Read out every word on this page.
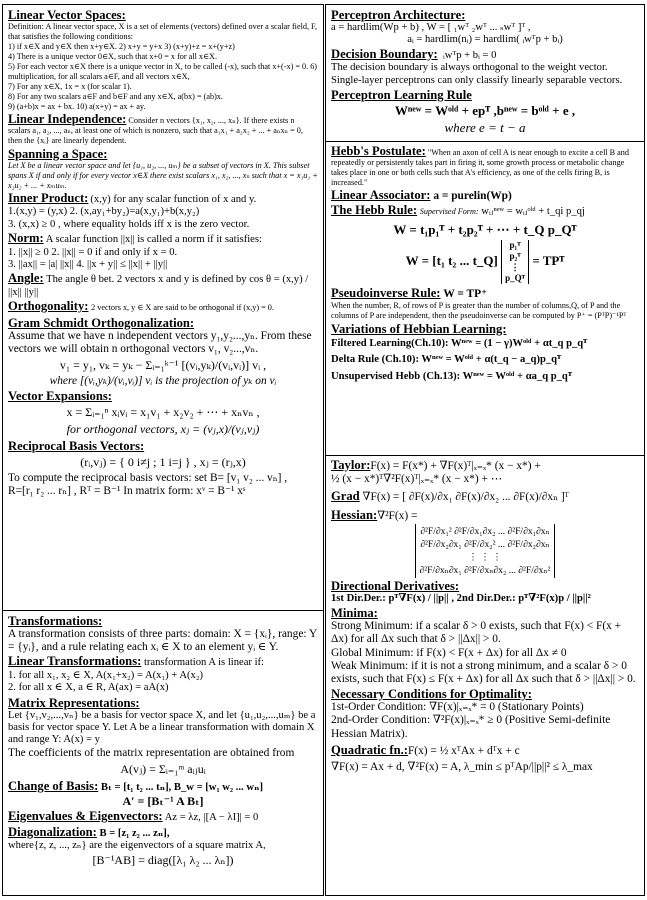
Linear Vector Spaces:
Definition: A linear vector space, X is a set of elements (vectors) defined over a scalar field, F, that satisfies the following conditions:
1) if x∈X and y∈X then x+y∈X. 2) x+y = y+x 3) (x+y)+z = x+(y+z)
4) There is a unique vector 0∈X, such that x+0 = x for all x∈X.
5) For each vector x∈X there is a unique vector in X, to be called (-x), such that x+(-x) = 0. 6) multiplication, for all scalars a∈F, and all vectors x∈X,
7) For any x∈X, 1x = x (for scalar 1).
8) For any two scalars a∈F and b∈F and any x∈X, a(bx) = (ab)x.
9) (a+b)x = ax + bx. 10) a(x+y) = ax + ay.
Linear Independence: Consider n vectors {x₁, x₂, ..., xₙ}. If there exists n scalars a₁, a₂, ..., aₙ, at least one of which is nonzero, such that a₁x₁ + a₂x₂ + ... + aₙxₙ = 0, then the {xᵢ} are linearly dependent.
Spanning a Space:
Let X be a linear vector space and let {u₁, u₂, ..., uₘ} be a subset of vectors in X. This subset spans X if and only if for every vector x∈X there exist scalars x₁, x₂, ..., xₙ such that x = x₁u₁ + x₂u₂ + ... + xₘuₘ.
Inner Product: (x,y) for any scalar function of x and y.
1.(x,y) = (y,x) 2. (x,ay₁+by₂)=a(x,y₁)+b(x,y₂)
3. (x,x) ≥ 0 , where equality holds iff x is the zero vector.
Norm: A scalar function ||x|| is called a norm if it satisfies:
1. ||x|| ≥ 0 2. ||x|| = 0 if and only if x = 0.
3. ||ax|| = |a| ||x|| 4. ||x + y|| ≤ ||x|| + ||y||
Angle: The angle θ bet. 2 vectors x and y is defined by cos θ = (x,y) / ||x|| ||y||
Orthogonality: 2 vectors x, y ∈ X are said to be orthogonal if (x,y) = 0.
Gram Schmidt Orthogonalization:
Assume that we have n independent vectors y₁,y₂...,yₙ. From these vectors we will obtain n orthogonal vectors v₁, v₂...,vₙ.
v₁ = y₁, vₖ = yₖ − Σᵢ₌₁ᵏ⁻¹ [(vᵢ,yₖ)/(vᵢ,vᵢ)] vᵢ ,
where [(vᵢ,yₖ)/(vᵢ,vᵢ)] vᵢ is the projection of yₖ on vᵢ
Vector Expansions:
x = Σᵢ₌₁ⁿ xᵢvᵢ = x₁v₁ + x₂v₂ + ⋯ + xₙvₙ ,
for orthogonal vectors, xⱼ = (vⱼ,x)/(vⱼ,vⱼ)
Reciprocal Basis Vectors:
(rᵢ,vⱼ) = { 0 i≠j ; 1 i=j } , xⱼ = (rⱼ,x)
To compute the reciprocal basis vectors: set B= [v₁ v₂ ... vₙ] ,
R=[r₁ r₂ ... rₙ] , Rᵀ = B⁻¹ In matrix form: xᵛ = B⁻¹ xˢ
Transformations:
A transformation consists of three parts: domain: X = {xᵢ}, range: Y = {yᵢ}, and a rule relating each xᵢ ∈ X to an element yᵢ ∈ Y.
Linear Transformations: transformation A is linear if:
1. for all x₁, x₂ ∈ X, A(x₁+x₂) = A(x₁) + A(x₂)
2. for all x ∈ X, a ∈ R, A(ax) = aA(x)
Matrix Representations:
Let {v₁,v₂,...,vₙ} be a basis for vector space X, and let {u₁,u₂,...,uₘ} be a basis for vector space Y. Let A be a linear transformation with domain X and range Y: A(x) = y
The coefficients of the matrix representation are obtained from
A(vⱼ) = Σᵢ₌₁ᵐ aᵢⱼuᵢ
Change of Basis: Bₜ = [t₁ t₂ ... tₙ], B_w = [w₁ w₂ ... wₙ]
A′ = [Bₜ⁻¹ A Bₜ]
Eigenvalues & Eigenvectors: Az = λz, |[A − λI]| = 0
Diagonalization: B = [z₁ z₂ ... zₙ],
where{z, z, ..., zₙ} are the eigenvectors of a square matrix A,
[B⁻¹AB] = diag([λ₁ λ₂ ... λₙ])
Perceptron Architecture:
a = hardlim(Wp + b) , W = [ ₁wᵀ ₂wᵀ ... ₛwᵀ ]ᵀ ,
aᵢ = hardlim(nᵢ) = hardlim( ᵢwᵀp + bᵢ)
Decision Boundary: ᵢwᵀp + bᵢ = 0
The decision boundary is always orthogonal to the weight vector. Single-layer perceptrons can only classify linearly separable vectors.
Perceptron Learning Rule
Wⁿᵉʷ = Wᵒˡᵈ + epᵀ ,bⁿᵉʷ = bᵒˡᵈ + e ,
where e = t − a
Hebb's Postulate: "When an axon of cell A is near enough to excite a cell B and repeatedly or persistently takes part in firing it, some growth process or metabolic change takes place in one or both cells such that A's efficiency, as one of the cells firing B, is increased."
Linear Associator: a = purelin(Wp)
The Hebb Rule: Supervised Form: wᵢⱼⁿᵉʷ = wᵢⱼᵒˡᵈ + t_qi p_qj
W = t₁p₁ᵀ + t₂p₂ᵀ + ⋯ + t_Q p_Qᵀ
W = [t₁ t₂ ... t_Q]
p₁ᵀ
p₂ᵀ
⋮
p_Qᵀ
= TPᵀ
Pseudoinverse Rule: W = TP⁺
When the number, R, of rows of P is greater than the number of columns,Q, of P and the columns of P are independent, then the pseudoinverse can be computed by P⁺ = (PᵀP)⁻¹Pᵀ
Variations of Hebbian Learning:
Filtered Learning(Ch.10): Wⁿᵉʷ = (1 − γ)Wᵒˡᵈ + αt_q p_qᵀ
Delta Rule (Ch.10): Wⁿᵉʷ = Wᵒˡᵈ + α(t_q − a_q)p_qᵀ
Unsupervised Hebb (Ch.13): Wⁿᵉʷ = Wᵒˡᵈ + αa_q p_qᵀ
Taylor:F(x) = F(x*) + ∇F(x)ᵀ|ₓ₌ₓ* (x − x*) +
½ (x − x*)ᵀ∇²F(x)ᵀ|ₓ₌ₓ* (x − x*) + ⋯
Grad ∇F(x) = [ ∂F(x)/∂x₁ ∂F(x)/∂x₂ ... ∂F(x)/∂xₙ ]ᵀ
Hessian:∇²F(x) =
∂²F/∂x₁² ∂²F/∂x₁∂x₂ ... ∂²F/∂x₁∂xₙ
∂²F/∂x₂∂x₁ ∂²F/∂x₂² ... ∂²F/∂x₂∂xₙ
⋮ ⋮ ⋮
∂²F/∂xₙ∂x₁ ∂²F/∂xₙ∂x₂ ... ∂²F/∂xₙ²
Directional Derivatives:
1st Dir.Der.: pᵀ∇F(x) / ||p|| , 2nd Dir.Der.: pᵀ∇²F(x)p / ||p||²
Minima:
Strong Minimum: if a scalar δ > 0 exists, such that F(x) < F(x + Δx) for all Δx such that δ > ||Δx|| > 0.
Global Minimum: if F(x) < F(x + Δx) for all Δx ≠ 0
Weak Minimum: if it is not a strong minimum, and a scalar δ > 0 exists, such that F(x) ≤ F(x + Δx) for all Δx such that δ > ||Δx|| > 0.
Necessary Conditions for Optimality:
1st-Order Condition: ∇F(x)|ₓ₌ₓ* = 0 (Stationary Points)
2nd-Order Condition: ∇²F(x)|ₓ₌ₓ* ≥ 0 (Positive Semi-definite Hessian Matrix).
Quadratic fn.:F(x) = ½ xᵀAx + dᵀx + c
∇F(x) = Ax + d, ∇²F(x) = A, λ_min ≤ pᵀAp/||p||² ≤ λ_max
